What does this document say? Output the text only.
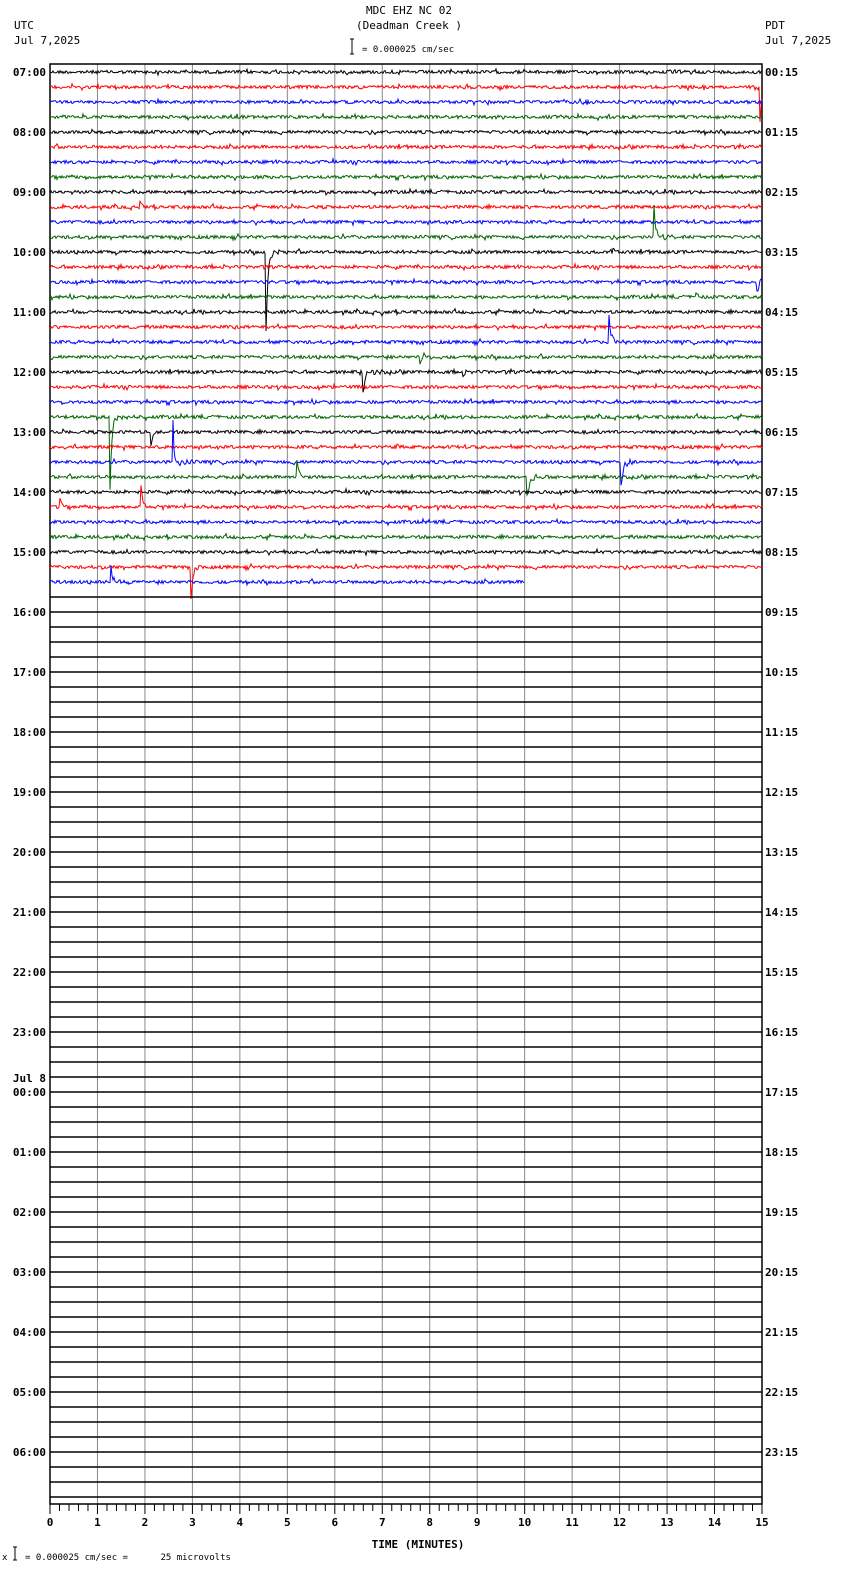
MDC EHZ NC 02
(Deadman Creek )
UTC
Jul 7,2025
PDT
Jul 7,2025
= 0.000025 cm/sec
07:00
08:00
09:00
10:00
11:00
12:00
13:00
14:00
15:00
16:00
17:00
18:00
19:00
20:00
21:00
22:00
23:00
00:00
Jul 8
01:00
02:00
03:00
04:00
05:00
06:00
00:15
01:15
02:15
03:15
04:15
05:15
06:15
07:15
08:15
09:15
10:15
11:15
12:15
13:15
14:15
15:15
16:15
17:15
18:15
19:15
20:15
21:15
22:15
23:15
0	1	2	3	4	5	6	7	8	9	10	11	12	13	14	15
TIME (MINUTES)
x = 0.000025 cm/sec =      25 microvolts
